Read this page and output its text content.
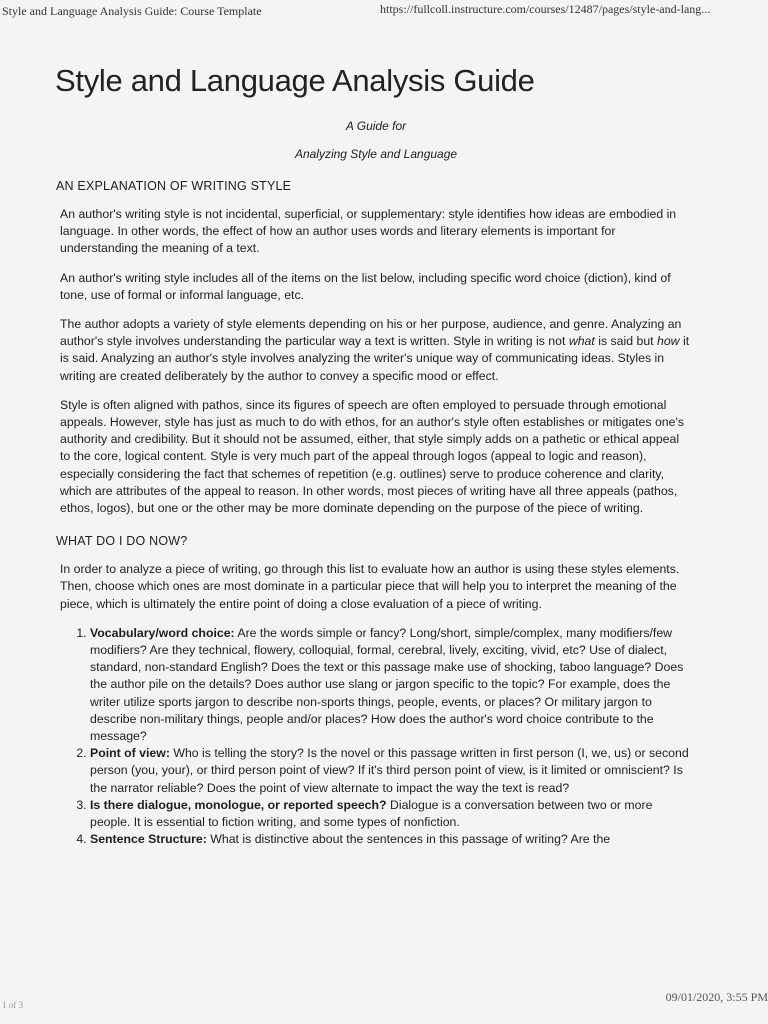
Style and Language Analysis Guide: Course Template	https://fullcoll.instructure.com/courses/12487/pages/style-and-lang...
Style and Language Analysis Guide
A Guide for
Analyzing Style and Language
AN EXPLANATION OF WRITING STYLE

An author's writing style is not incidental, superficial, or supplementary: style identifies how ideas are embodied in language. In other words, the effect of how an author uses words and literary elements is important for understanding the meaning of a text.

An author's writing style includes all of the items on the list below, including specific word choice (diction), kind of tone, use of formal or informal language, etc.

The author adopts a variety of style elements depending on his or her purpose, audience, and genre. Analyzing an author's style involves understanding the particular way a text is written. Style in writing is not what is said but how it is said. Analyzing an author's style involves analyzing the writer's unique way of communicating ideas. Styles in writing are created deliberately by the author to convey a specific mood or effect.

Style is often aligned with pathos, since its figures of speech are often employed to persuade through emotional appeals. However, style has just as much to do with ethos, for an author's style often establishes or mitigates one's authority and credibility. But it should not be assumed, either, that style simply adds on a pathetic or ethical appeal to the core, logical content. Style is very much part of the appeal through logos (appeal to logic and reason), especially considering the fact that schemes of repetition (e.g. outlines) serve to produce coherence and clarity, which are attributes of the appeal to reason. In other words, most pieces of writing have all three appeals (pathos, ethos, logos), but one or the other may be more dominate depending on the purpose of the piece of writing.

WHAT DO I DO NOW?

In order to analyze a piece of writing, go through this list to evaluate how an author is using these styles elements. Then, choose which ones are most dominate in a particular piece that will help you to interpret the meaning of the piece, which is ultimately the entire point of doing a close evaluation of a piece of writing.

1. Vocabulary/word choice: Are the words simple or fancy? Long/short, simple/complex, many modifiers/few modifiers? Are they technical, flowery, colloquial, formal, cerebral, lively, exciting, vivid, etc? Use of dialect, standard, non-standard English? Does the text or this passage make use of shocking, taboo language? Does the author pile on the details? Does author use slang or jargon specific to the topic? For example, does the writer utilize sports jargon to describe non-sports things, people, events, or places? Or military jargon to describe non-military things, people and/or places? How does the author's word choice contribute to the message?
2. Point of view: Who is telling the story? Is the novel or this passage written in first person (I, we, us) or second person (you, your), or third person point of view? If it's third person point of view, is it limited or omniscient? Is the narrator reliable? Does the point of view alternate to impact the way the text is read?
3. Is there dialogue, monologue, or reported speech? Dialogue is a conversation between two or more people. It is essential to fiction writing, and some types of nonfiction.
4. Sentence Structure: What is distinctive about the sentences in this passage of writing? Are the
1 of 3
09/01/2020, 3:55 PM
